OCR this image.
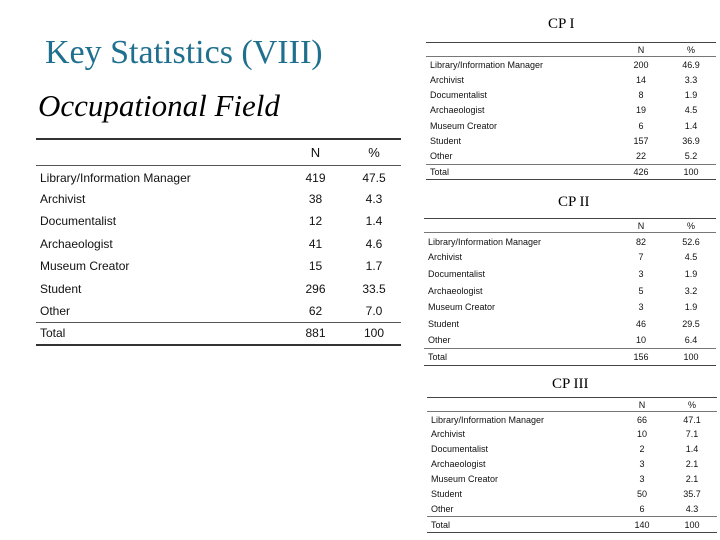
Key Statistics (VIII)
Occupational Field
	N	%
Library/Information Manager	419	47.5
Archivist	38	4.3
Documentalist	12	1.4
Archaeologist	41	4.6
Museum Creator	15	1.7
Student	296	33.5
Other	62	7.0
Total	881	100
CP I
	N	%
Library/Information Manager	200	46.9
Archivist	14	3.3
Documentalist	8	1.9
Archaeologist	19	4.5
Museum Creator	6	1.4
Student	157	36.9
Other	22	5.2
Total	426	100
CP II
	N	%
Library/Information Manager	82	52.6
Archivist	7	4.5
Documentalist	3	1.9
Archaeologist	5	3.2
Museum Creator	3	1.9
Student	46	29.5
Other	10	6.4
Total	156	100
CP III
	N	%
Library/Information Manager	66	47.1
Archivist	10	7.1
Documentalist	2	1.4
Archaeologist	3	2.1
Museum Creator	3	2.1
Student	50	35.7
Other	6	4.3
Total	140	100
